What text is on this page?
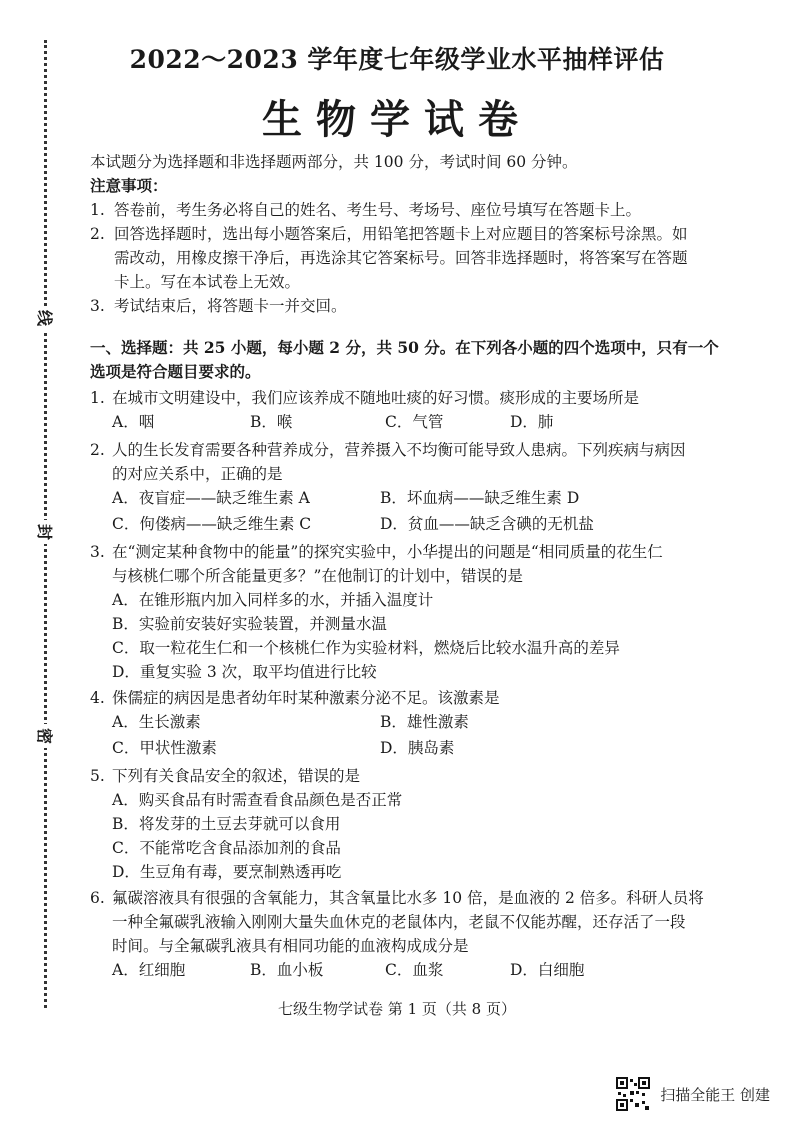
线
封
密
2022～2023 学年度七年级学业水平抽样评估
生物学试卷
本试题分为选择题和非选择题两部分，共 100 分，考试时间 60 分钟。
注意事项：
1. 答卷前，考生务必将自己的姓名、考生号、考场号、座位号填写在答题卡上。
2. 回答选择题时，选出每小题答案后，用铅笔把答题卡上对应题目的答案标号涂黑。如
需改动，用橡皮擦干净后，再选涂其它答案标号。回答非选择题时，将答案写在答题
卡上。写在本试卷上无效。
3. 考试结束后，将答题卡一并交回。
一、选择题：共 25 小题，每小题 2 分，共 50 分。在下列各小题的四个选项中，只有一个
选项是符合题目要求的。
1. 在城市文明建设中，我们应该养成不随地吐痰的好习惯。痰形成的主要场所是
A．咽	B．喉	C．气管	D．肺
2. 人的生长发育需要各种营养成分，营养摄入不均衡可能导致人患病。下列疾病与病因
的对应关系中，正确的是
A．夜盲症——缺乏维生素 A	B．坏血病——缺乏维生素 D
C．佝偻病——缺乏维生素 C	D．贫血——缺乏含碘的无机盐
3. 在“测定某种食物中的能量”的探究实验中，小华提出的问题是“相同质量的花生仁
与核桃仁哪个所含能量更多？”在他制订的计划中，错误的是
A．在锥形瓶内加入同样多的水，并插入温度计
B．实验前安装好实验装置，并测量水温
C．取一粒花生仁和一个核桃仁作为实验材料，燃烧后比较水温升高的差异
D．重复实验 3 次，取平均值进行比较
4. 侏儒症的病因是患者幼年时某种激素分泌不足。该激素是
A．生长激素	B．雄性激素
C．甲状性激素	D．胰岛素
5. 下列有关食品安全的叙述，错误的是
A．购买食品有时需查看食品颜色是否正常
B．将发芽的土豆去芽就可以食用
C．不能常吃含食品添加剂的食品
D．生豆角有毒，要烹制熟透再吃
6. 氟碳溶液具有很强的含氧能力，其含氧量比水多 10 倍，是血液的 2 倍多。科研人员将
一种全氟碳乳液输入刚刚大量失血休克的老鼠体内，老鼠不仅能苏醒，还存活了一段
时间。与全氟碳乳液具有相同功能的血液构成成分是
A．红细胞	B．血小板	C．血浆	D．白细胞
七级生物学试卷 第 1 页（共 8 页）
扫描全能王 创建
